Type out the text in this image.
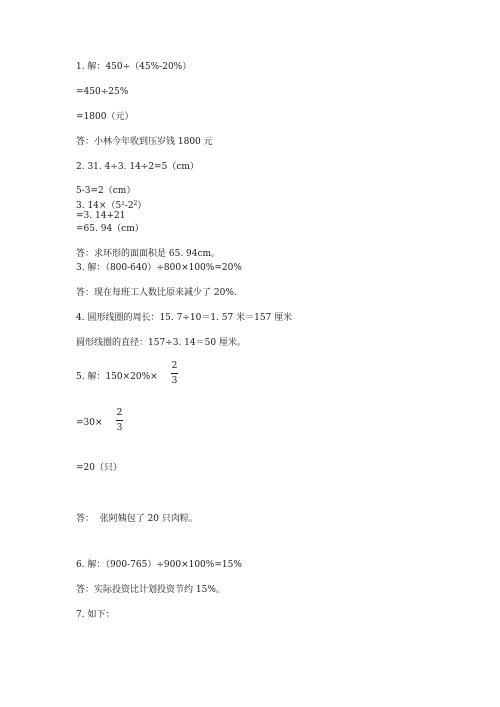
1. 解：450÷（45%-20%）
=450÷25%
=1800（元）
答：小林今年收到压岁钱 1800 元
2. 31. 4÷3. 14÷2=5（cm）
5-3=2（cm）
3. $14\times(5^2-2^2)$
=3. 14+21
=65. 94（cm）
答：求环形的面面积是 65. 94cm。
3. 解：（800-640）÷800×100%=20%
答：现在每班工人数比原来减少了 20%.
4. 圆形线圈的周长：15. 7÷10＝1. 57 米＝157 厘米
圆形线圈的直径：157÷3. 14＝50 厘米。
5. 解：150×20%×
2
3
=30×
2
3
=20（只）
答：  张阿姨包了 20 只肉粽。
6. 解：（900-765）÷900×100%=15%
答：实际投资比计划投资节约 15%。
7. 如下：
